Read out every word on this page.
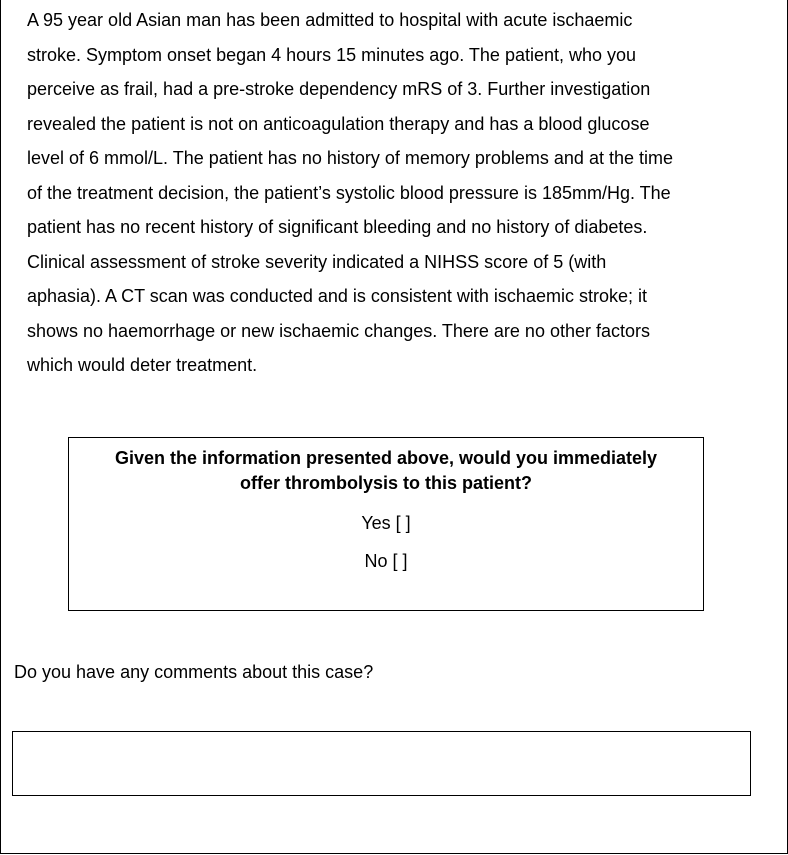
A 95 year old Asian man has been admitted to hospital with acute ischaemic
stroke. Symptom onset began 4 hours 15 minutes ago. The patient, who you
perceive as frail, had a pre-stroke dependency mRS of 3. Further investigation
revealed the patient is not on anticoagulation therapy and has a blood glucose
level of 6 mmol/L. The patient has no history of memory problems and at the time
of the treatment decision, the patient’s systolic blood pressure is 185mm/Hg. The
patient has no recent history of significant bleeding and no history of diabetes.
Clinical assessment of stroke severity indicated a NIHSS score of 5 (with
aphasia). A CT scan was conducted and is consistent with ischaemic stroke; it
shows no haemorrhage or new ischaemic changes. There are no other factors
which would deter treatment.
Given the information presented above, would you immediately
offer thrombolysis to this patient?
Yes [ ]
No [ ]

Do you have any comments about this case?
